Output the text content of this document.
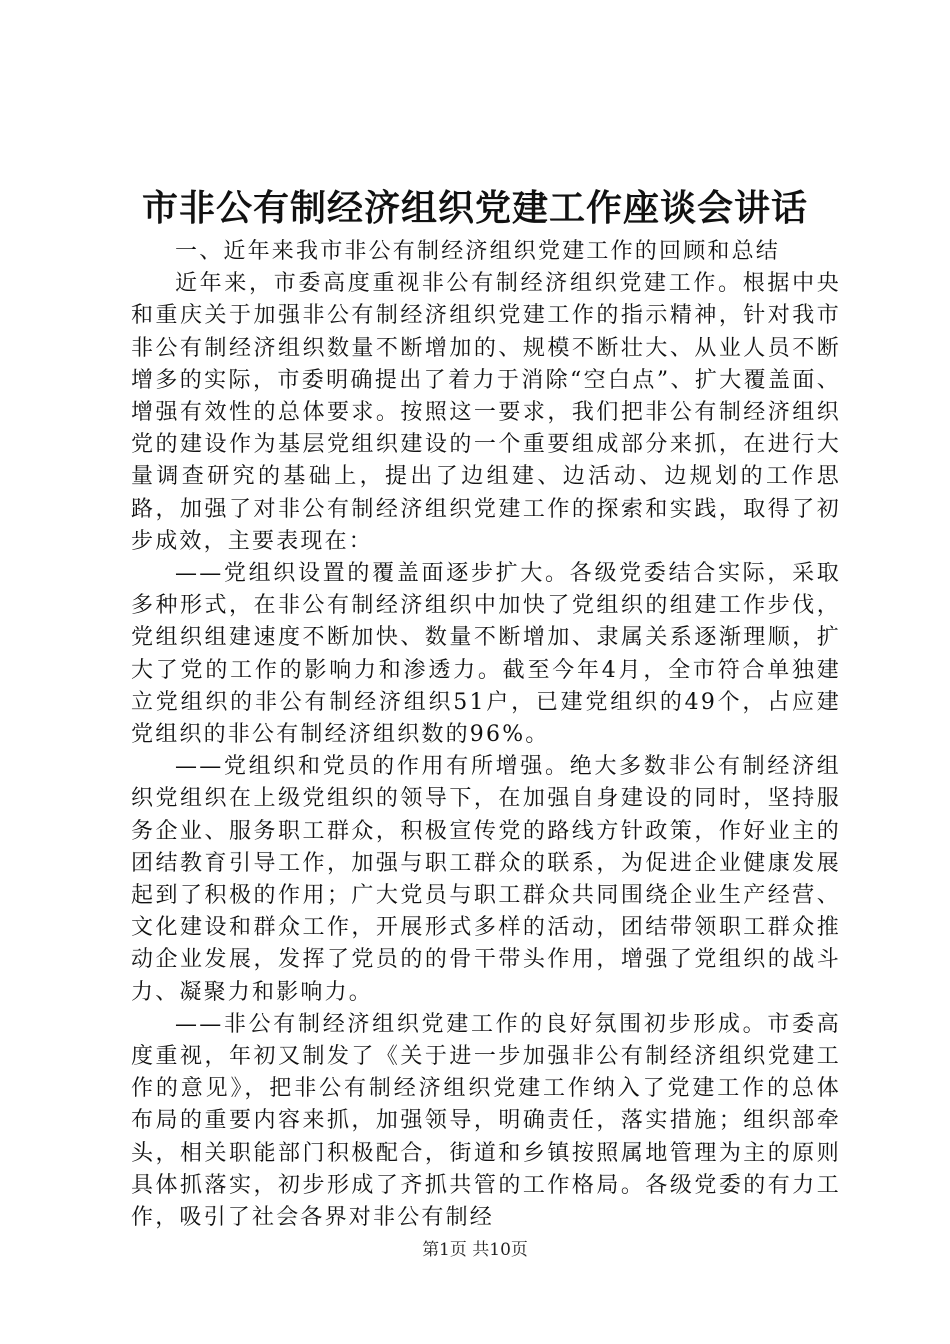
市非公有制经济组织党建工作座谈会讲话

一、近年来我市非公有制经济组织党建工作的回顾和总结

近年来，市委高度重视非公有制经济组织党建工作。根据中央和重庆关于加强非公有制经济组织党建工作的指示精神，针对我市非公有制经济组织数量不断增加的、规模不断壮大、从业人员不断增多的实际，市委明确提出了着力于消除“空白点”、扩大覆盖面、增强有效性的总体要求。按照这一要求，我们把非公有制经济组织党的建设作为基层党组织建设的一个重要组成部分来抓，在进行大量调查研究的基础上，提出了边组建、边活动、边规划的工作思路，加强了对非公有制经济组织党建工作的探索和实践，取得了初步成效，主要表现在：

——党组织设置的覆盖面逐步扩大。各级党委结合实际，采取多种形式，在非公有制经济组织中加快了党组织的组建工作步伐，党组织组建速度不断加快、数量不断增加、隶属关系逐渐理顺，扩大了党的工作的影响力和渗透力。截至今年4月，全市符合单独建立党组织的非公有制经济组织51户，已建党组织的49个，占应建党组织的非公有制经济组织数的96%。

——党组织和党员的作用有所增强。绝大多数非公有制经济组织党组织在上级党组织的领导下，在加强自身建设的同时，坚持服务企业、服务职工群众，积极宣传党的路线方针政策，作好业主的团结教育引导工作，加强与职工群众的联系，为促进企业健康发展起到了积极的作用；广大党员与职工群众共同围绕企业生产经营、文化建设和群众工作，开展形式多样的活动，团结带领职工群众推动企业发展，发挥了党员的的骨干带头作用，增强了党组织的战斗力、凝聚力和影响力。

——非公有制经济组织党建工作的良好氛围初步形成。市委高度重视，年初又制发了《关于进一步加强非公有制经济组织党建工作的意见》，把非公有制经济组织党建工作纳入了党建工作的总体布局的重要内容来抓，加强领导，明确责任，落实措施；组织部牵头，相关职能部门积极配合，街道和乡镇按照属地管理为主的原则具体抓落实，初步形成了齐抓共管的工作格局。各级党委的有力工作，吸引了社会各界对非公有制经

第1页 共10页
